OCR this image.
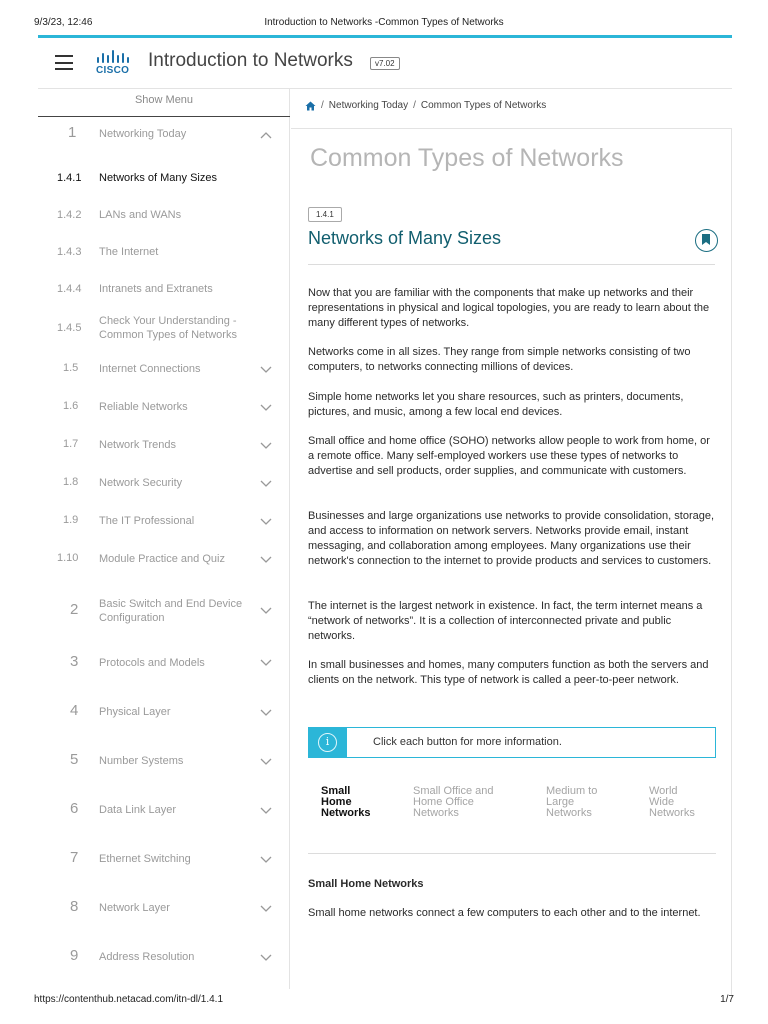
9/3/23, 12:46	Introduction to Networks -Common Types of Networks
CISCO Introduction to Networks	v7.02
Show Menu
1 Networking Today
1.4.1 Networks of Many Sizes
1.4.2 LANs and WANs
1.4.3 The Internet
1.4.4 Intranets and Extranets
1.4.5
Check Your Understanding - Common Types of Networks
1.5 Internet Connections
1.6 Reliable Networks
1.7 Network Trends
1.8 Network Security
1.9 The IT Professional
1.10 Module Practice and Quiz
2 Basic Switch and End Device Configuration
3 Protocols and Models
4 Physical Layer
5 Number Systems
6 Data Link Layer
7 Ethernet Switching
8 Network Layer
9 Address Resolution
/ Networking Today / Common Types of Networks
Common Types of Networks
1.4.1
Networks of Many Sizes

Now that you are familiar with the components that make up networks and their representations in physical and logical topologies, you are ready to learn about the many different types of networks.

Networks come in all sizes. They range from simple networks consisting of two computers, to networks connecting millions of devices.

Simple home networks let you share resources, such as printers, documents, pictures, and music, among a few local end devices.

Small office and home office (SOHO) networks allow people to work from home, or a remote office. Many self-employed workers use these types of networks to advertise and sell products, order supplies, and communicate with customers.

Businesses and large organizations use networks to provide consolidation, storage, and access to information on network servers. Networks provide email, instant messaging, and collaboration among employees. Many organizations use their network's connection to the internet to provide products and services to customers.

The internet is the largest network in existence. In fact, the term internet means a “network of networks”. It is a collection of interconnected private and public networks.

In small businesses and homes, many computers function as both the servers and clients on the network. This type of network is called a peer-to-peer network.

i	Click each button for more information.
Small
Home
Networks
Small Office and
Home Office
Networks
Medium to
Large
Networks
World
Wide
Networks
Small Home Networks

Small home networks connect a few computers to each other and to the internet.

https://contenthub.netacad.com/itn-dl/1.4.1	1/7
